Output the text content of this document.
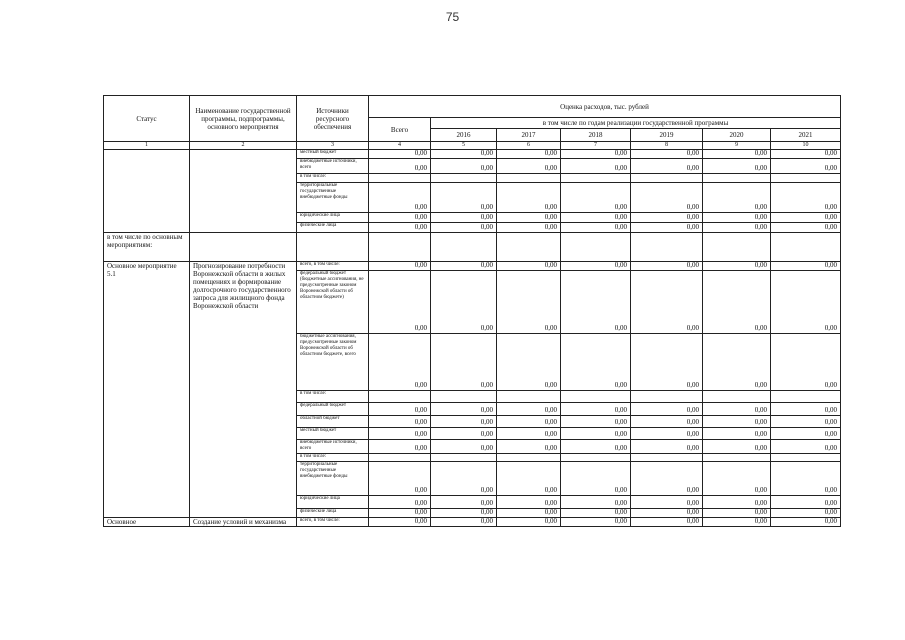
75
Статус	Наименование государственной программы, подпрограммы, основного мероприятия	Источники ресурсного обеспечения	Оценка расходов, тыс. рублей						
			Всего	в том числе по годам реализации государственной программы					
				2016	2017	2018	2019	2020	2021
1	2	3	4	5	6	7	8	9	10
		местный бюджет	0,00	0,00	0,00	0,00	0,00	0,00	0,00
		внебюджетные источники, всего	0,00	0,00	0,00	0,00	0,00	0,00	0,00
		в том числе:							
		территориальные государственные внебюджетные фонды	0,00	0,00	0,00	0,00	0,00	0,00	0,00
		юридические лица	0,00	0,00	0,00	0,00	0,00	0,00	0,00
		физические лица	0,00	0,00	0,00	0,00	0,00	0,00	0,00
в том числе по основным мероприятиям:									
Основное мероприятие 5.1	Прогнозирование потребности Воронежской области в жилых помещениях и формирование долгосрочного государственного запроса для жилищного фонда Воронежской области	всего, в том числе:	0,00	0,00	0,00	0,00	0,00	0,00	0,00
		федеральный бюджет (бюджетные ассигнования, не предусмотренные законом Воронежской области об областном бюджете)	0,00	0,00	0,00	0,00	0,00	0,00	0,00
		бюджетные ассигнования, предусмотренные законом Воронежской области об областном бюджете, всего	0,00	0,00	0,00	0,00	0,00	0,00	0,00
		в том числе:							
		федеральный бюджет	0,00	0,00	0,00	0,00	0,00	0,00	0,00
		областной бюджет	0,00	0,00	0,00	0,00	0,00	0,00	0,00
		местный бюджет	0,00	0,00	0,00	0,00	0,00	0,00	0,00
		внебюджетные источники, всего	0,00	0,00	0,00	0,00	0,00	0,00	0,00
		в том числе:							
		территориальные государственные внебюджетные фонды	0,00	0,00	0,00	0,00	0,00	0,00	0,00
		юридические лица	0,00	0,00	0,00	0,00	0,00	0,00	0,00
		физические лица	0,00	0,00	0,00	0,00	0,00	0,00	0,00
Основное	Создание условий и механизма	всего, в том числе:	0,00	0,00	0,00	0,00	0,00	0,00	0,00
